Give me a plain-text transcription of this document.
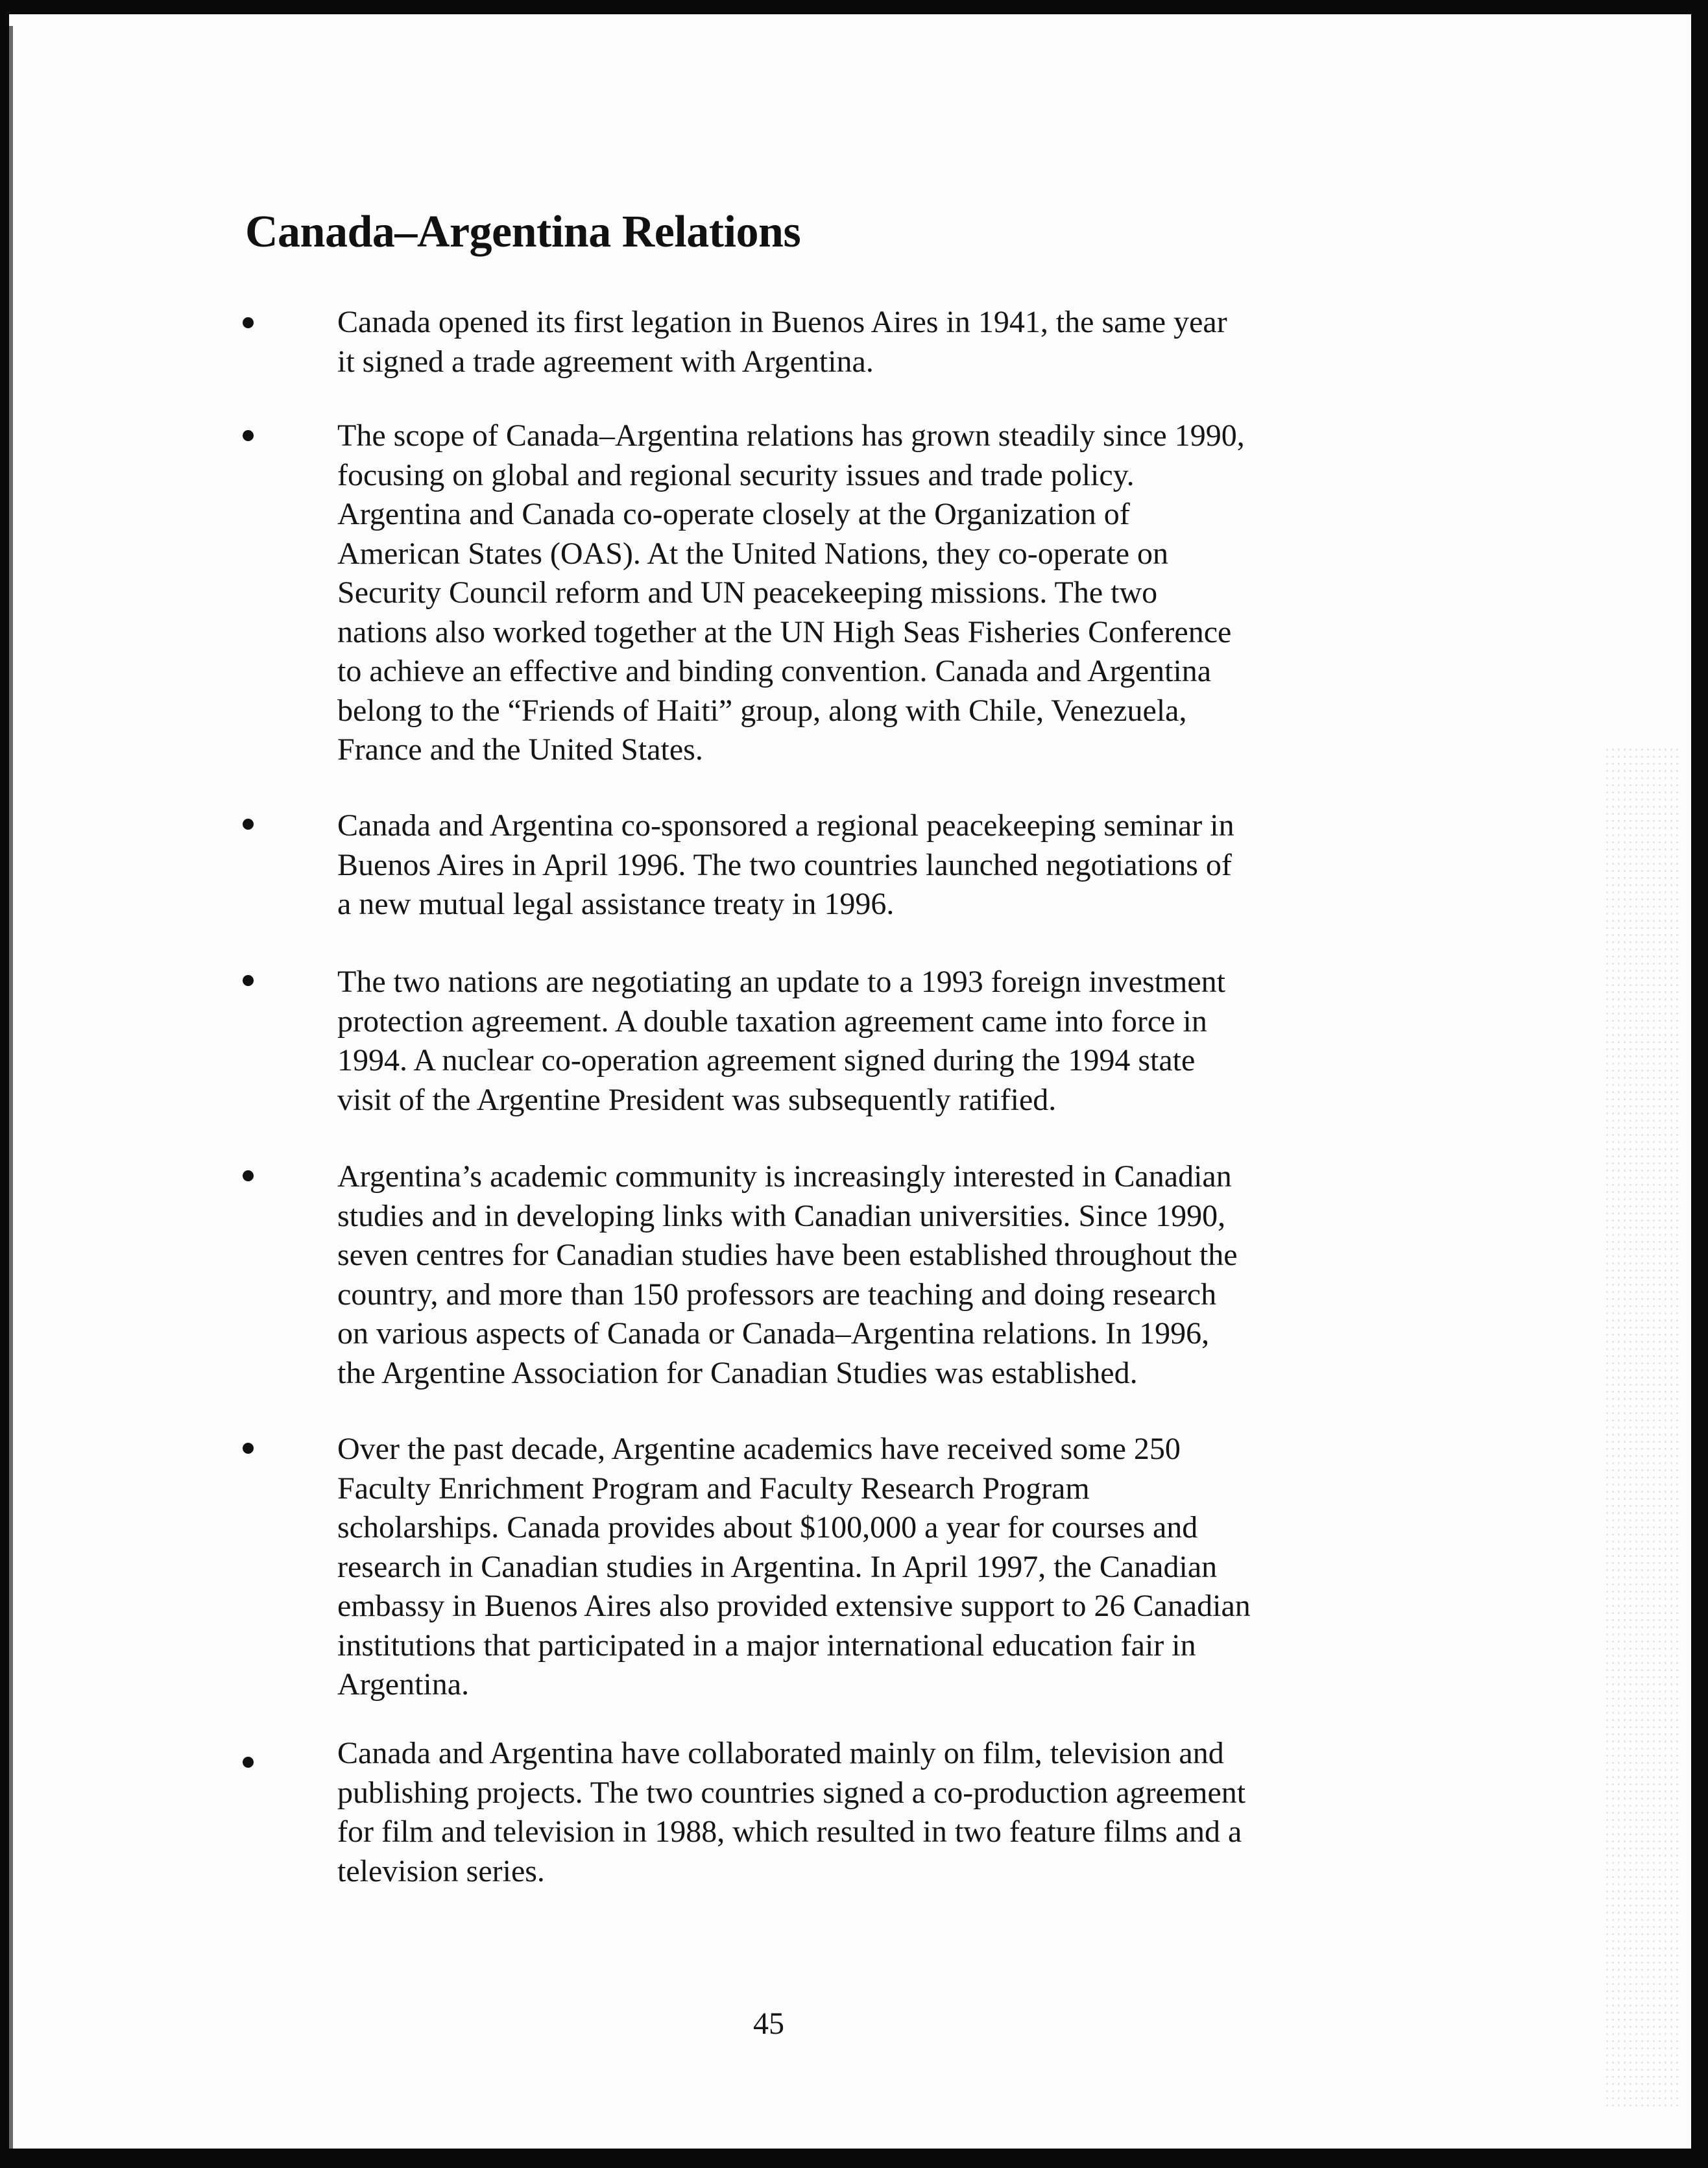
Canada–Argentina Relations
Canada opened its first legation in Buenos Aires in 1941, the same year
it signed a trade agreement with Argentina.
The scope of Canada–Argentina relations has grown steadily since 1990,
focusing on global and regional security issues and trade policy.
Argentina and Canada co-operate closely at the Organization of
American States (OAS). At the United Nations, they co-operate on
Security Council reform and UN peacekeeping missions. The two
nations also worked together at the UN High Seas Fisheries Conference
to achieve an effective and binding convention. Canada and Argentina
belong to the “Friends of Haiti” group, along with Chile, Venezuela,
France and the United States.
Canada and Argentina co-sponsored a regional peacekeeping seminar in
Buenos Aires in April 1996. The two countries launched negotiations of
a new mutual legal assistance treaty in 1996.
The two nations are negotiating an update to a 1993 foreign investment
protection agreement. A double taxation agreement came into force in
1994. A nuclear co-operation agreement signed during the 1994 state
visit of the Argentine President was subsequently ratified.
Argentina’s academic community is increasingly interested in Canadian
studies and in developing links with Canadian universities. Since 1990,
seven centres for Canadian studies have been established throughout the
country, and more than 150 professors are teaching and doing research
on various aspects of Canada or Canada–Argentina relations. In 1996,
the Argentine Association for Canadian Studies was established.
Over the past decade, Argentine academics have received some 250
Faculty Enrichment Program and Faculty Research Program
scholarships. Canada provides about $100,000 a year for courses and
research in Canadian studies in Argentina. In April 1997, the Canadian
embassy in Buenos Aires also provided extensive support to 26 Canadian
institutions that participated in a major international education fair in
Argentina.
Canada and Argentina have collaborated mainly on film, television and
publishing projects. The two countries signed a co-production agreement
for film and television in 1988, which resulted in two feature films and a
television series.
45
